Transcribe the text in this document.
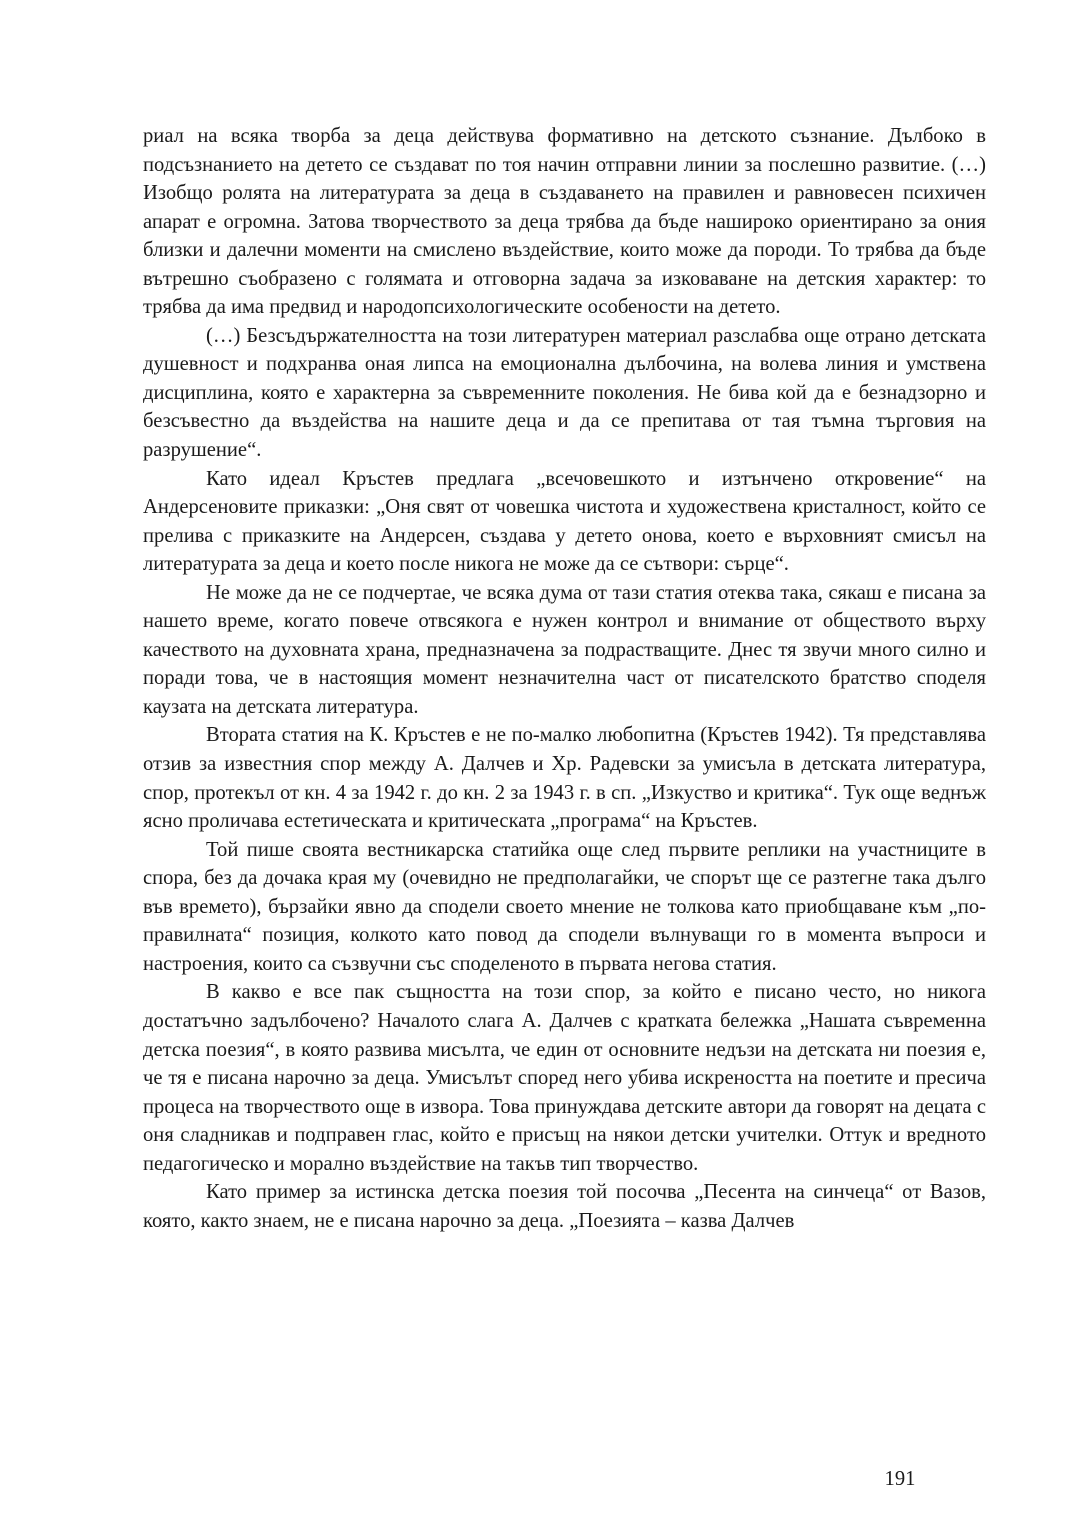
риал на всяка творба за деца действува формативно на детското съзнание. Дълбоко в подсъзнанието на детето се създават по тоя начин отправни линии за послешно развитие. (…) Изобщо ролята на литературата за деца в създаването на правилен и равновесен психичен апарат е огромна. Затова творчеството за деца трябва да бъде нашироко ориентирано за ония близки и далечни моменти на смислено въздействие, които може да породи. То трябва да бъде вътрешно съобразено с голямата и отговорна задача за изковаване на детския характер: то трябва да има предвид и народопсихологическите особености на детето.

(…) Безсъдържателността на този литературен материал разслабва още отрано детската душевност и подхранва оная липса на емоционална дълбочина, на волева линия и умствена дисциплина, която е характерна за съвременните поколения. Не бива кой да е безнадзорно и безсъвестно да въздейства на нашите деца и да се препитава от тая тъмна търговия на разрушение“.

Като идеал Кръстев предлага „всечовешкото и изтънчено откровение“ на Андерсеновите приказки: „Оня свят от човешка чистота и художествена кристалност, който се прелива с приказките на Андерсен, създава у детето онова, което е върховният смисъл на литературата за деца и което после никога не може да се сътвори: сърце“.

Не може да не се подчертае, че всяка дума от тази статия отеква така, сякаш е писана за нашето време, когато повече отвсякога е нужен контрол и внимание от обществото върху качеството на духовната храна, предназначена за подрастващите. Днес тя звучи много силно и поради това, че в настоящия момент незначителна част от писателското братство споделя каузата на детската литература.

Втората статия на К. Кръстев е не по-малко любопитна (Кръстев 1942). Тя представлява отзив за известния спор между А. Далчев и Хр. Радевски за умисъла в детската литература, спор, протекъл от кн. 4 за 1942 г. до кн. 2 за 1943 г. в сп. „Изкуство и критика“. Тук още веднъж ясно проличава естетическата и критическата „програма“ на Кръстев.

Той пише своята вестникарска статийка още след първите реплики на участниците в спора, без да дочака края му (очевидно не предполагайки, че спорът ще се разтегне така дълго във времето), бързайки явно да сподели своето мнение не толкова като приобщаване към „по-правилната“ позиция, колкото като повод да сподели вълнуващи го в момента въпроси и настроения, които са съзвучни със споделеното в първата негова статия.

В какво е все пак същността на този спор, за който е писано често, но никога достатъчно задълбочено? Началото слага А. Далчев с кратката бележка „Нашата съвременна детска поезия“, в която развива мисълта, че един от основните недъзи на детската ни поезия е, че тя е писана нарочно за деца. Умисълът според него убива искреността на поетите и пресича процеса на творчеството още в извора. Това принуждава детските автори да говорят на децата с оня сладникав и подправен глас, който е присъщ на някои детски учителки. Оттук и вредното педагогическо и морално въздействие на такъв тип творчество.

Като пример за истинска детска поезия той посочва „Песента на синчеца“ от Вазов, която, както знаем, не е писана нарочно за деца. „Поезията – казва Далчев

191
